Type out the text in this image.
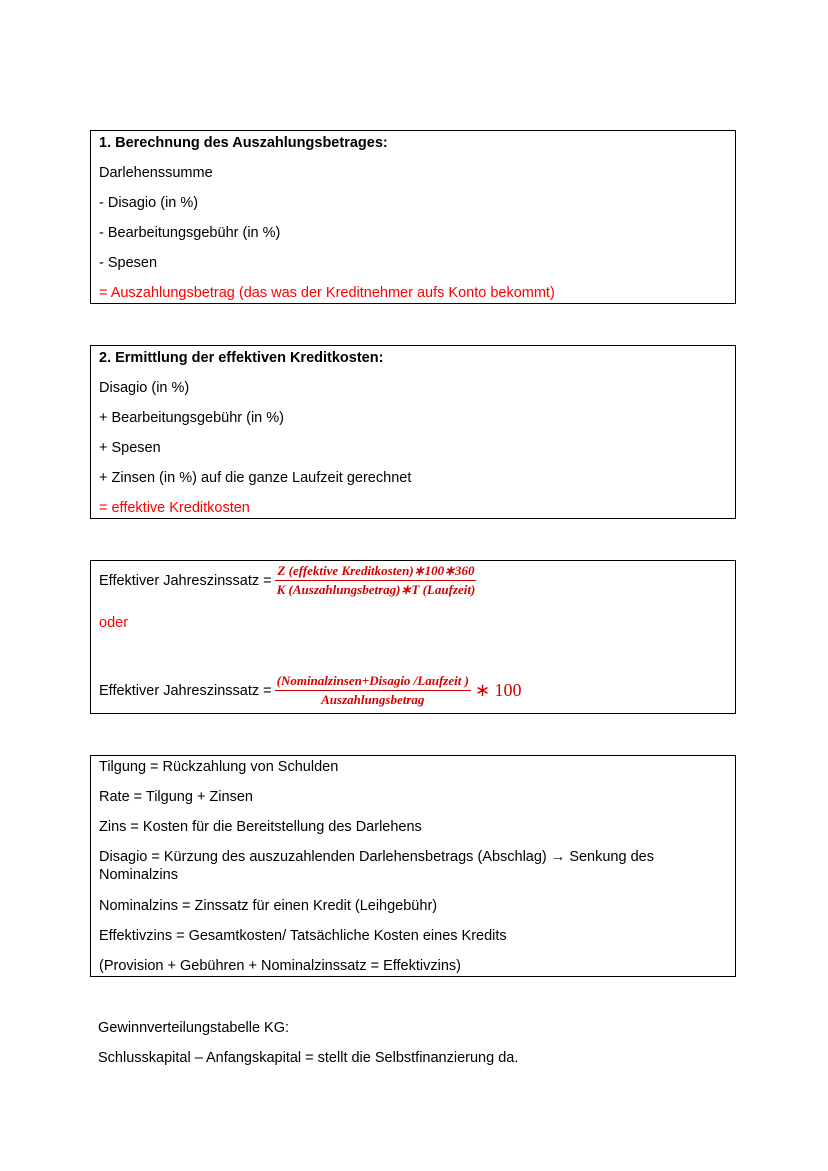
1. Berechnung des Auszahlungsbetrages:
Darlehenssumme
- Disagio (in %)
- Bearbeitungsgebühr (in %)
- Spesen
= Auszahlungsbetrag (das was der Kreditnehmer aufs Konto bekommt)
2. Ermittlung der effektiven Kreditkosten:
Disagio (in %)
+ Bearbeitungsgebühr (in %)
+ Spesen
+ Zinsen (in %) auf die ganze Laufzeit gerechnet
= effektive Kreditkosten
Effektiver Jahreszinssatz = $\frac{\text{Z (effektive Kreditkosten)∗100∗360}}{\text{K (Auszahlungsbetrag)∗T (Laufzeit)}}$
oder
Effektiver Jahreszinssatz = $\frac{\text{(Nominalzinsen+Disagio /Laufzeit )}}{\text{Auszahlungsbetrag}}$ ∗ 100
Tilgung = Rückzahlung von Schulden
Rate = Tilgung + Zinsen
Zins = Kosten für die Bereitstellung des Darlehens
Disagio = Kürzung des auszuzahlenden Darlehensbetrags (Abschlag) → Senkung des Nominalzins
Nominalzins = Zinssatz für einen Kredit (Leihgebühr)
Effektivzins = Gesamtkosten/ Tatsächliche Kosten eines Kredits
(Provision + Gebühren + Nominalzinssatz = Effektivzins)
Gewinnverteilungstabelle KG:
Schlusskapital – Anfangskapital = stellt die Selbstfinanzierung da.
